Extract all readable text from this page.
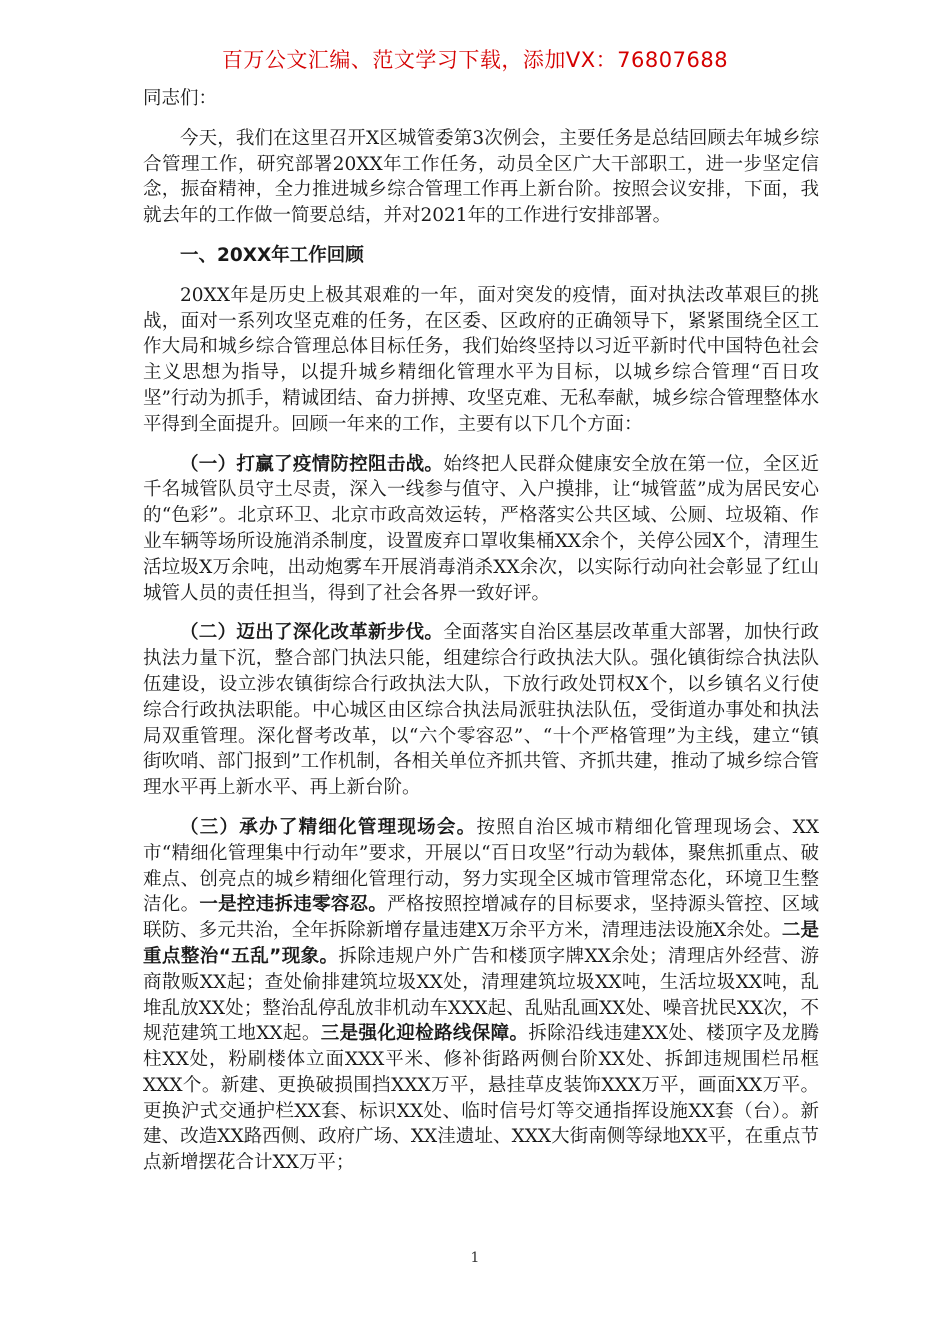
百万公文汇编、范文学习下载，添加VX：76807688

同志们：

今天，我们在这里召开X区城管委第3次例会，主要任务是总结回顾去年城乡综合管理工作，研究部署20XX年工作任务，动员全区广大干部职工，进一步坚定信念，振奋精神，全力推进城乡综合管理工作再上新台阶。按照会议安排，下面，我就去年的工作做一简要总结，并对2021年的工作进行安排部署。

一、20XX年工作回顾

20XX年是历史上极其艰难的一年，面对突发的疫情，面对执法改革艰巨的挑战，面对一系列攻坚克难的任务，在区委、区政府的正确领导下，紧紧围绕全区工作大局和城乡综合管理总体目标任务，我们始终坚持以习近平新时代中国特色社会主义思想为指导，以提升城乡精细化管理水平为目标，以城乡综合管理“百日攻坚”行动为抓手，精诚团结、奋力拼搏、攻坚克难、无私奉献，城乡综合管理整体水平得到全面提升。回顾一年来的工作，主要有以下几个方面：

（一）打赢了疫情防控阻击战。始终把人民群众健康安全放在第一位，全区近千名城管队员守土尽责，深入一线参与值守、入户摸排，让“城管蓝”成为居民安心的“色彩”。北京环卫、北京市政高效运转，严格落实公共区域、公厕、垃圾箱、作业车辆等场所设施消杀制度，设置废弃口罩收集桶XX余个，关停公园X个，清理生活垃圾X万余吨，出动炮雾车开展消毒消杀XX余次，以实际行动向社会彰显了红山城管人员的责任担当，得到了社会各界一致好评。

（二）迈出了深化改革新步伐。全面落实自治区基层改革重大部署，加快行政执法力量下沉，整合部门执法只能，组建综合行政执法大队。强化镇街综合执法队伍建设，设立涉农镇街综合行政执法大队，下放行政处罚权X个，以乡镇名义行使综合行政执法职能。中心城区由区综合执法局派驻执法队伍，受街道办事处和执法局双重管理。深化督考改革，以“六个零容忍”、“十个严格管理”为主线，建立“镇街吹哨、部门报到”工作机制，各相关单位齐抓共管、齐抓共建，推动了城乡综合管理水平再上新水平、再上新台阶。

（三）承办了精细化管理现场会。按照自治区城市精细化管理现场会、XX市“精细化管理集中行动年”要求，开展以“百日攻坚”行动为载体，聚焦抓重点、破难点、创亮点的城乡精细化管理行动，努力实现全区城市管理常态化，环境卫生整洁化。一是控违拆违零容忍。严格按照控增减存的目标要求，坚持源头管控、区域联防、多元共治，全年拆除新增存量违建X万余平方米，清理违法设施X余处。二是重点整治“五乱”现象。拆除违规户外广告和楼顶字牌XX余处；清理店外经营、游商散贩XX起；查处偷排建筑垃圾XX处，清理建筑垃圾XX吨，生活垃圾XX吨，乱堆乱放XX处；整治乱停乱放非机动车XXX起、乱贴乱画XX处、噪音扰民XX次，不规范建筑工地XX起。三是强化迎检路线保障。拆除沿线违建XX处、楼顶字及龙腾柱XX处，粉刷楼体立面XXX平米、修补街路两侧台阶XX处、拆卸违规围栏吊框XXX个。新建、更换破损围挡XXX万平，悬挂草皮装饰XXX万平，画面XX万平。更换沪式交通护栏XX套、标识XX处、临时信号灯等交通指挥设施XX套（台）。新建、改造XX路西侧、政府广场、XX洼遗址、XXX大街南侧等绿地XX平，在重点节点新增摆花合计XX万平；

1
